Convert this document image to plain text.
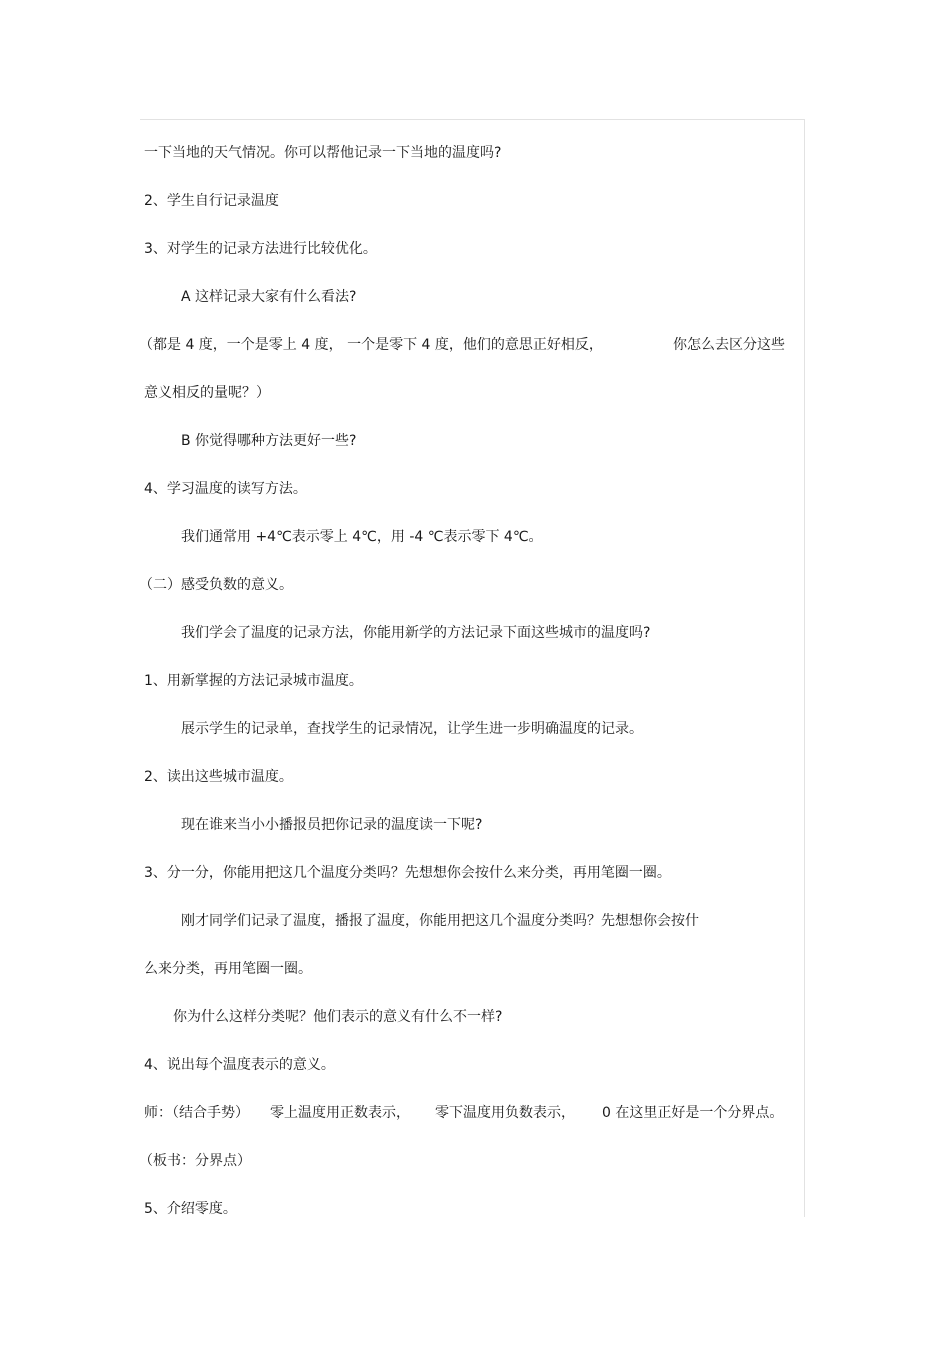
一下当地的天气情况。你可以帮他记录一下当地的温度吗?

2、学生自行记录温度

3、对学生的记录方法进行比较优化。

A 这样记录大家有什么看法?

（都是 4 度，一个是零上 4 度， 一个是零下 4 度，他们的意思正好相反，	你怎么去区分这些

意义相反的量呢？）

B 你觉得哪种方法更好一些?

4、学习温度的读写方法。

我们通常用 +4℃表示零上 4℃，用 -4 ℃表示零下 4℃。

（二）感受负数的意义。

我们学会了温度的记录方法，你能用新学的方法记录下面这些城市的温度吗?

1、用新掌握的方法记录城市温度。

展示学生的记录单，查找学生的记录情况，让学生进一步明确温度的记录。

2、读出这些城市温度。

现在谁来当小小播报员把你记录的温度读一下呢?

3、分一分，你能用把这几个温度分类吗？先想想你会按什么来分类，再用笔圈一圈。

刚才同学们记录了温度，播报了温度，你能用把这几个温度分类吗？先想想你会按什

么来分类，再用笔圈一圈。

你为什么这样分类呢？他们表示的意义有什么不一样?

4、说出每个温度表示的意义。

师：（结合手势） 零上温度用正数表示， 零下温度用负数表示， 0 在这里正好是一个分界点。

（板书：分界点）

5、介绍零度。
